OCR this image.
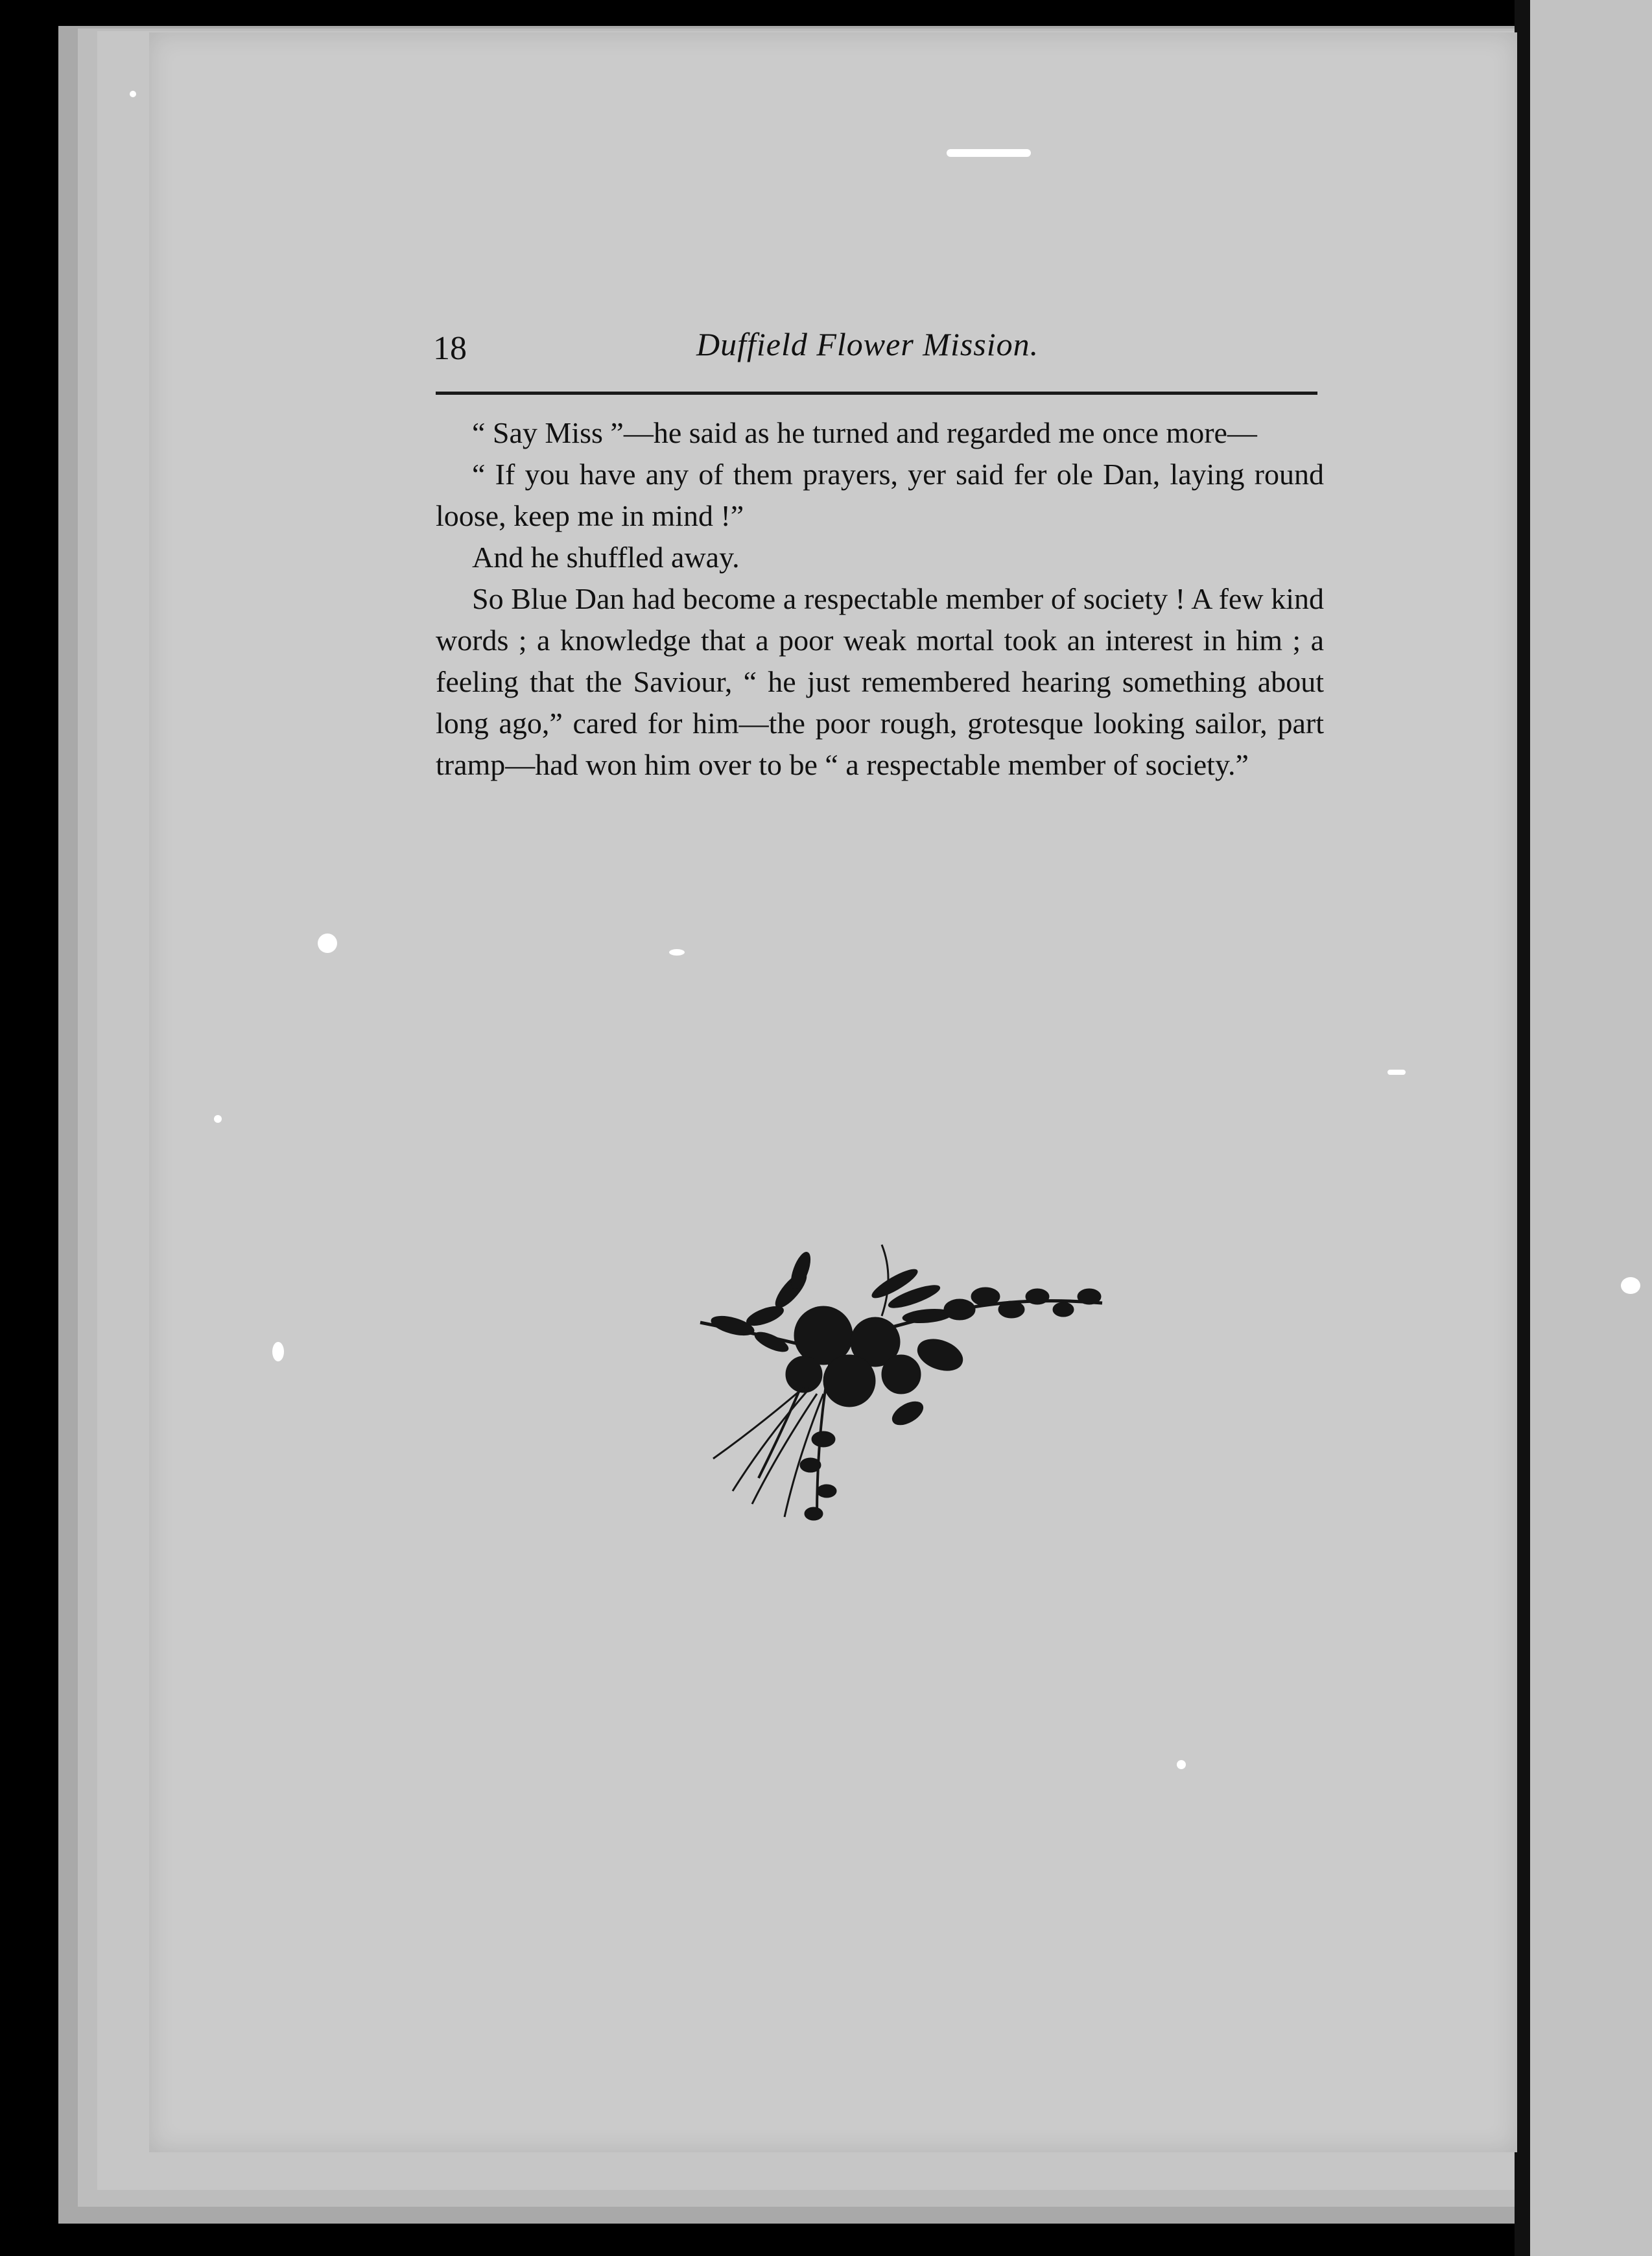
18	Duffield Flower Mission.

“ Say Miss ”—he said as he turned and regarded me once more—

“ If you have any of them prayers, yer said fer ole Dan, laying round loose, keep me in mind !”

And he shuffled away.

So Blue Dan had become a respectable member of society ! A few kind words ; a knowledge that a poor weak mortal took an interest in him ; a feeling that the Saviour, “ he just remembered hearing something about long ago,” cared for him—the poor rough, grotesque looking sailor, part tramp—had won him over to be “ a respectable member of society.”
